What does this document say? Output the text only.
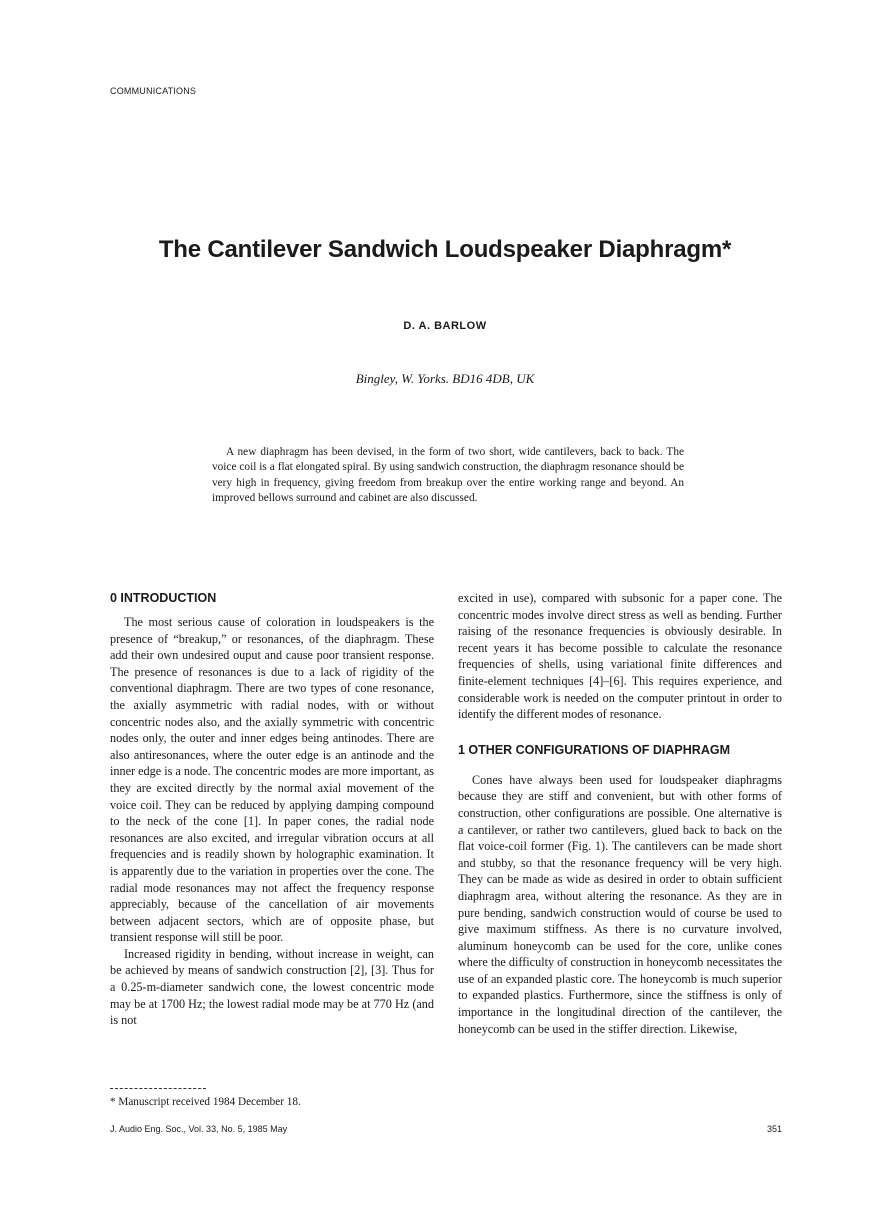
COMMUNICATIONS
The Cantilever Sandwich Loudspeaker Diaphragm*
D. A. BARLOW
Bingley, W. Yorks. BD16 4DB, UK
A new diaphragm has been devised, in the form of two short, wide cantilevers, back to back. The voice coil is a flat elongated spiral. By using sandwich construction, the diaphragm resonance should be very high in frequency, giving freedom from breakup over the entire working range and beyond. An improved bellows surround and cabinet are also discussed.
0 INTRODUCTION

The most serious cause of coloration in loudspeakers is the presence of “breakup,” or resonances, of the diaphragm. These add their own undesired ouput and cause poor transient response. The presence of resonances is due to a lack of rigidity of the conventional diaphragm. There are two types of cone resonance, the axially asymmetric with radial nodes, with or without concentric nodes also, and the axially symmetric with concentric nodes only, the outer and inner edges being antinodes. There are also antiresonances, where the outer edge is an antinode and the inner edge is a node. The concentric modes are more important, as they are excited directly by the normal axial movement of the voice coil. They can be reduced by applying damping compound to the neck of the cone [1]. In paper cones, the radial node resonances are also excited, and irregular vibration occurs at all frequencies and is readily shown by holographic examination. It is apparently due to the variation in properties over the cone. The radial mode resonances may not affect the frequency response appreciably, because of the cancellation of air movements between adjacent sectors, which are of opposite phase, but transient response will still be poor.

Increased rigidity in bending, without increase in weight, can be achieved by means of sandwich construction [2], [3]. Thus for a 0.25-m-diameter sandwich cone, the lowest concentric mode may be at 1700 Hz; the lowest radial mode may be at 770 Hz (and is not

excited in use), compared with subsonic for a paper cone. The concentric modes involve direct stress as well as bending. Further raising of the resonance frequencies is obviously desirable. In recent years it has become possible to calculate the resonance frequencies of shells, using variational finite differences and finite-element techniques [4]–[6]. This requires experience, and considerable work is needed on the computer printout in order to identify the different modes of resonance.

1 OTHER CONFIGURATIONS OF DIAPHRAGM

Cones have always been used for loudspeaker diaphragms because they are stiff and convenient, but with other forms of construction, other configurations are possible. One alternative is a cantilever, or rather two cantilevers, glued back to back on the flat voice-coil former (Fig. 1). The cantilevers can be made short and stubby, so that the resonance frequency will be very high. They can be made as wide as desired in order to obtain sufficient diaphragm area, without altering the resonance. As they are in pure bending, sandwich construction would of course be used to give maximum stiffness. As there is no curvature involved, aluminum honeycomb can be used for the core, unlike cones where the difficulty of construction in honeycomb necessitates the use of an expanded plastic core. The honeycomb is much superior to expanded plastics. Furthermore, since the stiffness is only of importance in the longitudinal direction of the cantilever, the honeycomb can be used in the stiffer direction. Likewise,

* Manuscript received 1984 December 18.
J. Audio Eng. Soc., Vol. 33, No. 5, 1985 May	351
